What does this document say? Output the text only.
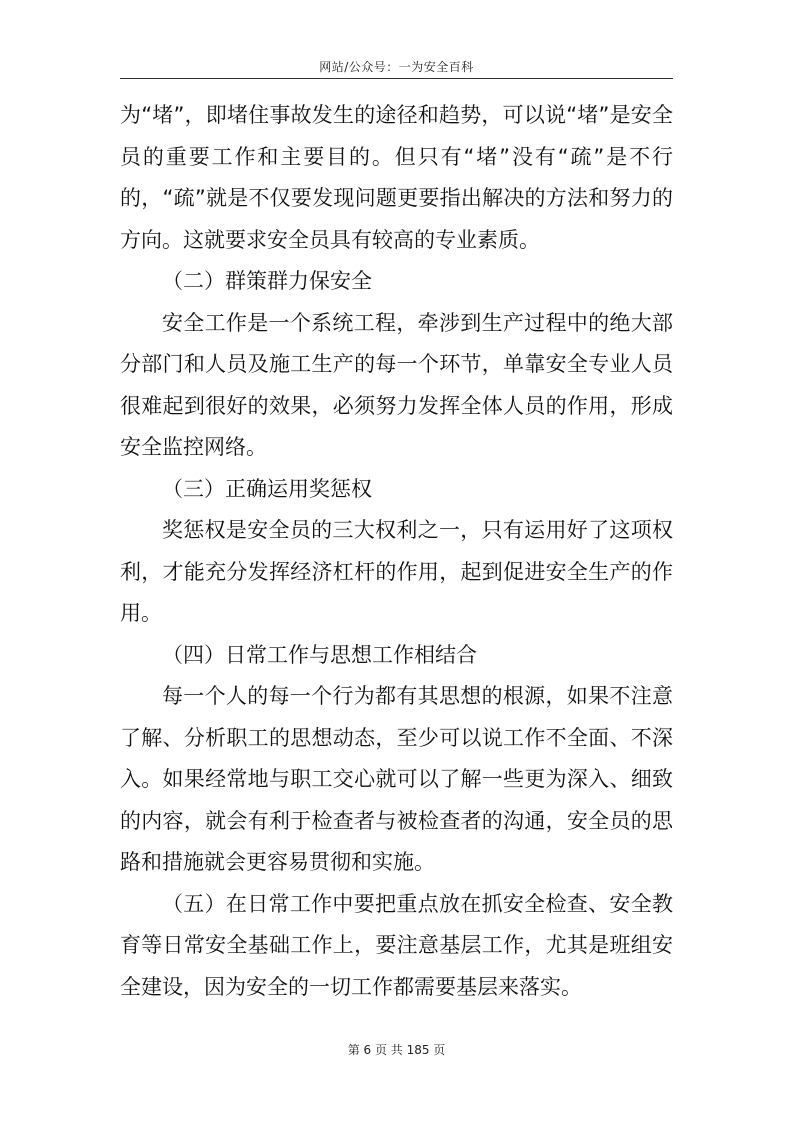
网站/公众号：一为安全百科

为“堵”，即堵住事故发生的途径和趋势，可以说“堵”是安全员的重要工作和主要目的。但只有“堵”没有“疏”是不行的，“疏”就是不仅要发现问题更要指出解决的方法和努力的方向。这就要求安全员具有较高的专业素质。

（二）群策群力保安全

安全工作是一个系统工程，牵涉到生产过程中的绝大部分部门和人员及施工生产的每一个环节，单靠安全专业人员很难起到很好的效果，必须努力发挥全体人员的作用，形成安全监控网络。

（三）正确运用奖惩权

奖惩权是安全员的三大权利之一，只有运用好了这项权利，才能充分发挥经济杠杆的作用，起到促进安全生产的作用。

（四）日常工作与思想工作相结合

每一个人的每一个行为都有其思想的根源，如果不注意了解、分析职工的思想动态，至少可以说工作不全面、不深入。如果经常地与职工交心就可以了解一些更为深入、细致的内容，就会有利于检查者与被检查者的沟通，安全员的思路和措施就会更容易贯彻和实施。

（五）在日常工作中要把重点放在抓安全检查、安全教育等日常安全基础工作上，要注意基层工作，尤其是班组安全建设，因为安全的一切工作都需要基层来落实。

第 6 页 共 185 页
